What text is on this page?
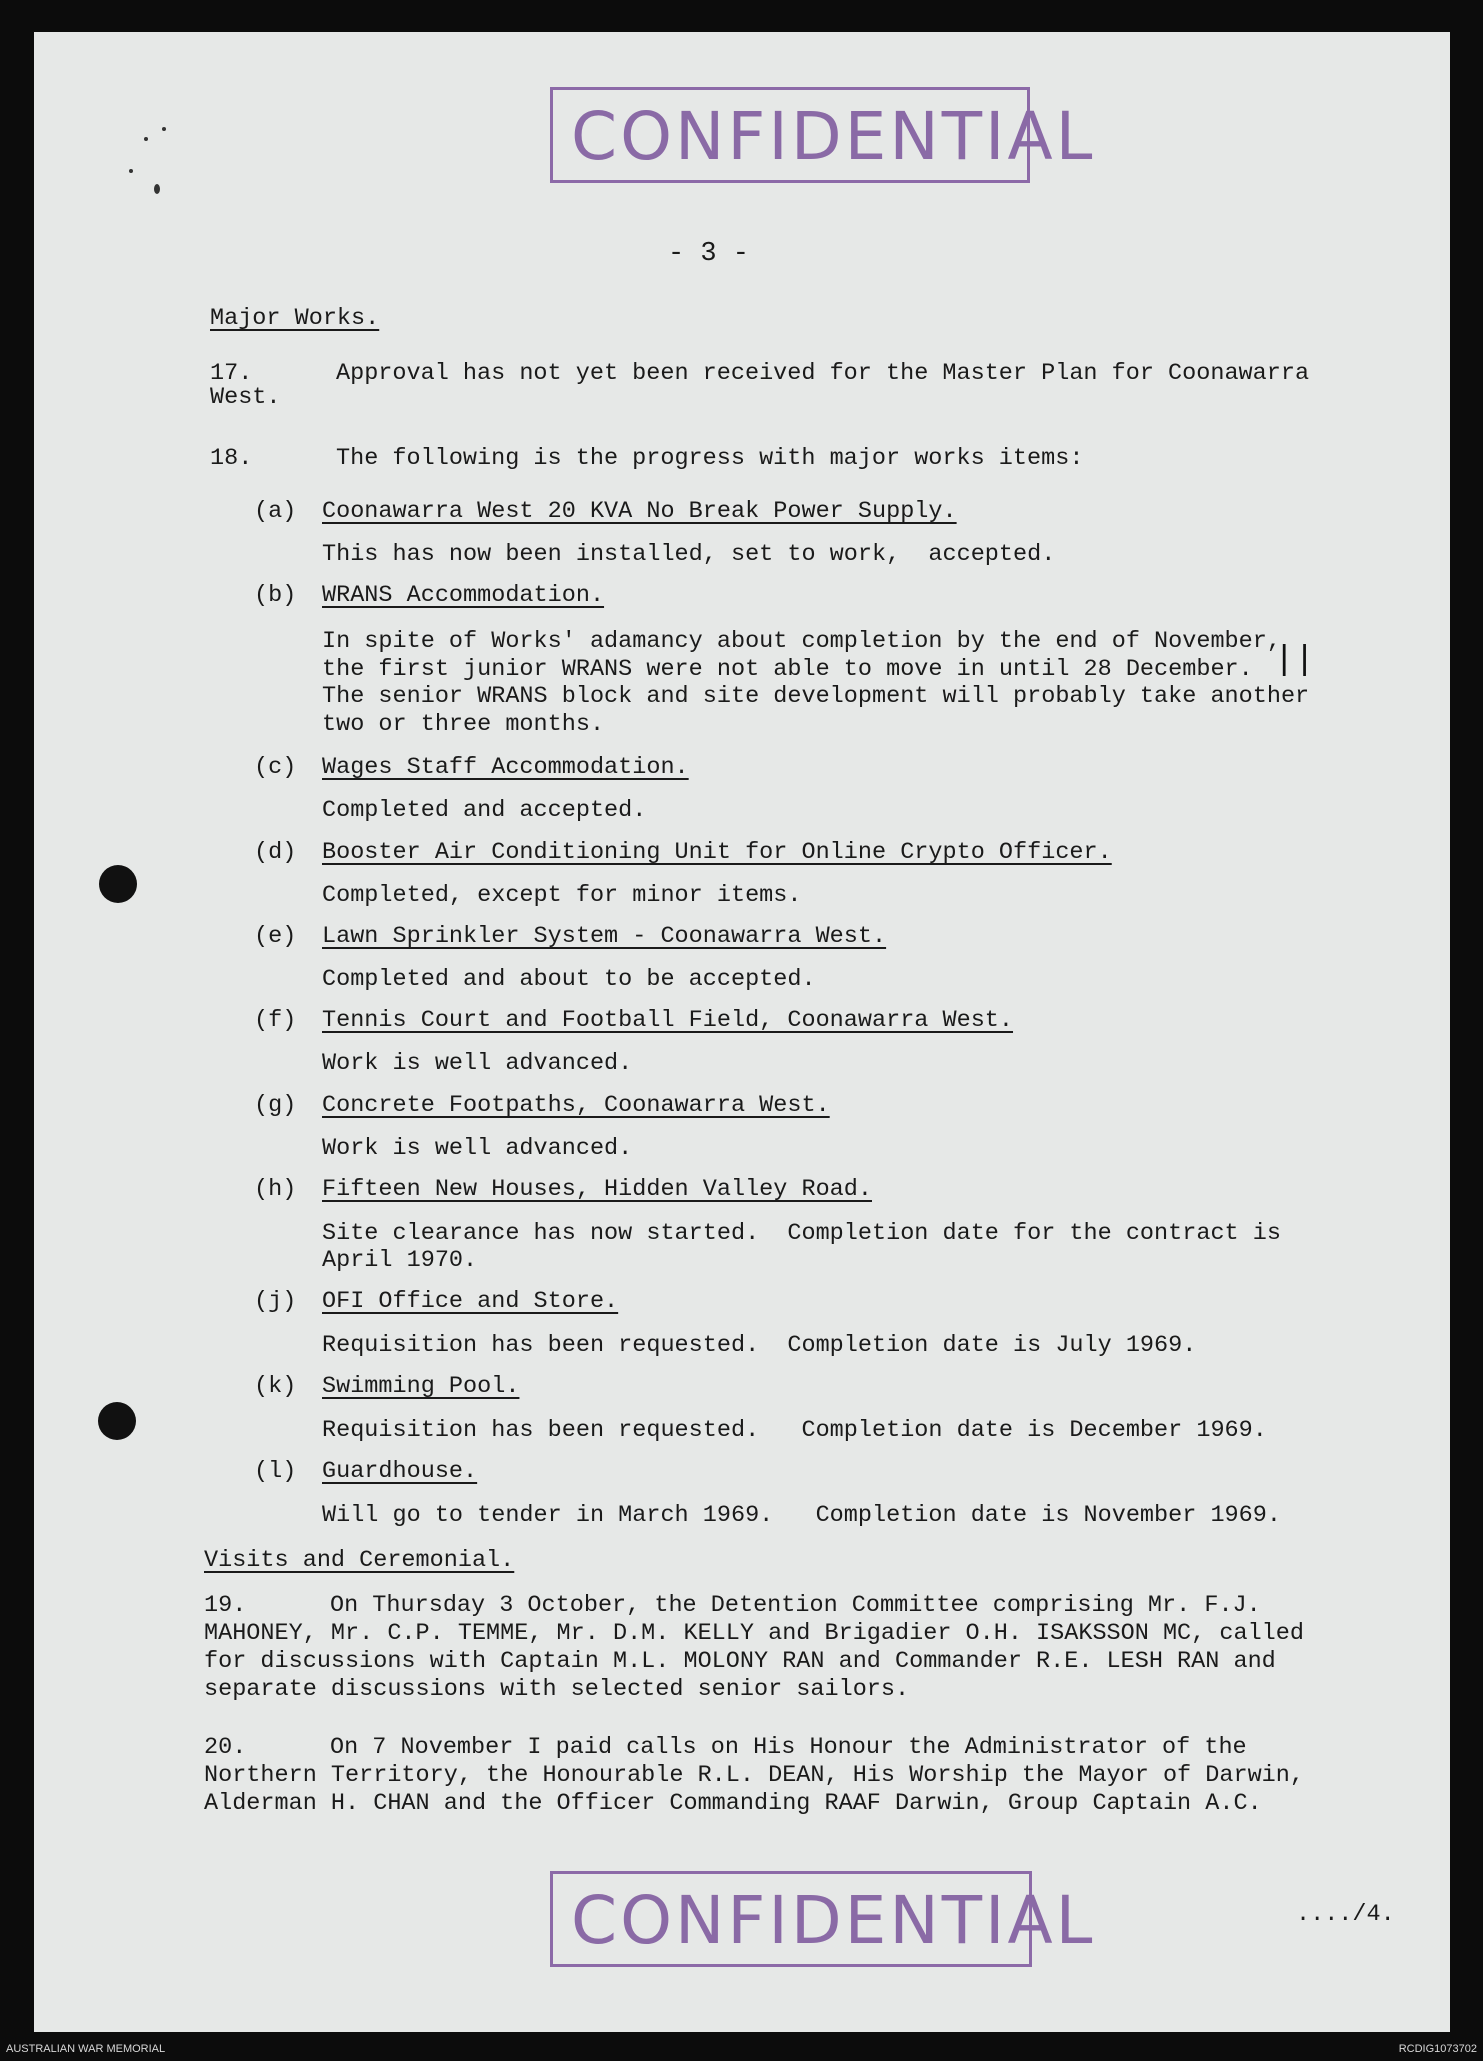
CONFIDENTIAL
- 3 -
Major Works.
17.	Approval has not yet been received for the Master Plan for Coonawarra
West.
18.	The following is the progress with major works items:
(a) Coonawarra West 20 KVA No Break Power Supply.
This has now been installed, set to work,  accepted.
(b) WRANS Accommodation.
In spite of Works' adamancy about completion by the end of November,
the first junior WRANS were not able to move in until 28 December.
The senior WRANS block and site development will probably take another
two or three months.
||
(c) Wages Staff Accommodation.
Completed and accepted.
(d) Booster Air Conditioning Unit for Online Crypto Officer.
Completed, except for minor items.
(e) Lawn Sprinkler System - Coonawarra West.
Completed and about to be accepted.
(f) Tennis Court and Football Field, Coonawarra West.
Work is well advanced.
(g) Concrete Footpaths, Coonawarra West.
Work is well advanced.
(h) Fifteen New Houses, Hidden Valley Road.
Site clearance has now started.  Completion date for the contract is
April 1970.
(j) OFI Office and Store.
Requisition has been requested.  Completion date is July 1969.
(k) Swimming Pool.
Requisition has been requested.   Completion date is December 1969.
(l) Guardhouse.
Will go to tender in March 1969.   Completion date is November 1969.
Visits and Ceremonial.
19.	On Thursday 3 October, the Detention Committee comprising Mr. F.J.
MAHONEY, Mr. C.P. TEMME, Mr. D.M. KELLY and Brigadier O.H. ISAKSSON MC, called
for discussions with Captain M.L. MOLONY RAN and Commander R.E. LESH RAN and
separate discussions with selected senior sailors.
20.	On 7 November I paid calls on His Honour the Administrator of the
Northern Territory, the Honourable R.L. DEAN, His Worship the Mayor of Darwin,
Alderman H. CHAN and the Officer Commanding RAAF Darwin, Group Captain A.C.
CONFIDENTIAL	..../4.
AUSTRALIAN WAR MEMORIAL	RCDIG1073702
